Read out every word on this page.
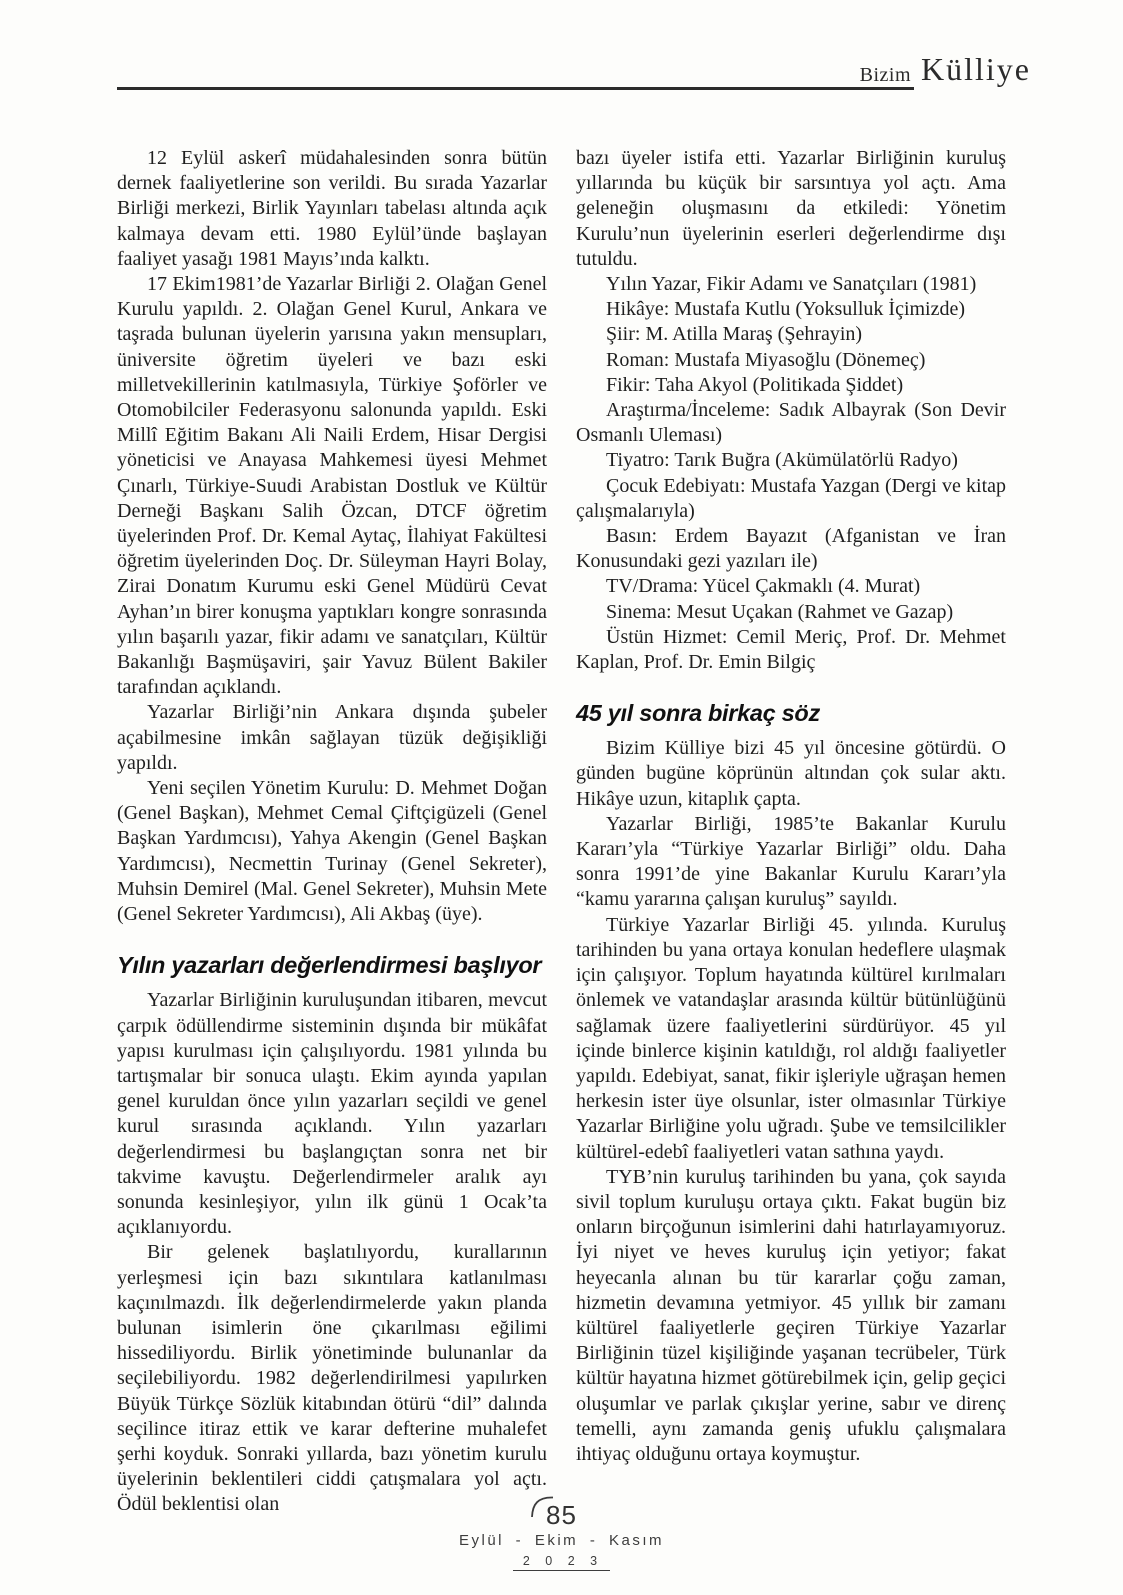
Bizim Külliye

12 Eylül askerî müdahalesinden sonra bütün dernek faaliyetlerine son verildi. Bu sırada Yazarlar Birliği merkezi, Birlik Yayınları tabelası altında açık kalmaya devam etti. 1980 Eylül’ünde başlayan faaliyet yasağı 1981 Mayıs’ında kalktı.

17 Ekim1981’de Yazarlar Birliği 2. Olağan Genel Kurulu yapıldı. 2. Olağan Genel Kurul, Ankara ve taşrada bulunan üyelerin yarısına yakın mensupları, üniversite öğretim üyeleri ve bazı eski milletvekillerinin katılmasıyla, Türkiye Şoförler ve Otomobilciler Federasyonu salonunda yapıldı. Eski Millî Eğitim Bakanı Ali Naili Erdem, Hisar Dergisi yöneticisi ve Anayasa Mahkemesi üyesi Mehmet Çınarlı, Türkiye-Suudi Arabistan Dostluk ve Kültür Derneği Başkanı Salih Özcan, DTCF öğretim üyelerinden Prof. Dr. Kemal Aytaç, İlahiyat Fakültesi öğretim üyelerinden Doç. Dr. Süleyman Hayri Bolay, Zirai Donatım Kurumu eski Genel Müdürü Cevat Ayhan’ın birer konuşma yaptıkları kongre sonrasında yılın başarılı yazar, fikir adamı ve sanatçıları, Kültür Bakanlığı Başmüşaviri, şair Yavuz Bülent Bakiler tarafından açıklandı.

Yazarlar Birliği’nin Ankara dışında şubeler açabilmesine imkân sağlayan tüzük değişikliği yapıldı.

Yeni seçilen Yönetim Kurulu: D. Mehmet Doğan (Genel Başkan), Mehmet Cemal Çiftçigüzeli (Genel Başkan Yardımcısı), Yahya Akengin (Genel Başkan Yardımcısı), Necmettin Turinay (Genel Sekreter), Muhsin Demirel (Mal. Genel Sekreter), Muhsin Mete (Genel Sekreter Yardımcısı), Ali Akbaş (üye).

Yılın yazarları değerlendirmesi başlıyor

Yazarlar Birliğinin kuruluşundan itibaren, mevcut çarpık ödüllendirme sisteminin dışında bir mükâfat yapısı kurulması için çalışılıyordu. 1981 yılında bu tartışmalar bir sonuca ulaştı. Ekim ayında yapılan genel kuruldan önce yılın yazarları seçildi ve genel kurul sırasında açıklandı. Yılın yazarları değerlendirmesi bu başlangıçtan sonra net bir takvime kavuştu. Değerlendirmeler aralık ayı sonunda kesinleşiyor, yılın ilk günü 1 Ocak’ta açıklanıyordu.

Bir gelenek başlatılıyordu, kurallarının yerleşmesi için bazı sıkıntılara katlanılması kaçınılmazdı. İlk değerlendirmelerde yakın planda bulunan isimlerin öne çıkarılması eğilimi hissediliyordu. Birlik yönetiminde bulunanlar da seçilebiliyordu. 1982 değerlendirilmesi yapılırken Büyük Türkçe Sözlük kitabından ötürü “dil” dalında seçilince itiraz ettik ve karar defterine muhalefet şerhi koyduk. Sonraki yıllarda, bazı yönetim kurulu üyelerinin beklentileri ciddi çatışmalara yol açtı. Ödül beklentisi olan

bazı üyeler istifa etti. Yazarlar Birliğinin kuruluş yıllarında bu küçük bir sarsıntıya yol açtı. Ama geleneğin oluşmasını da etkiledi: Yönetim Kurulu’nun üyelerinin eserleri değerlendirme dışı tutuldu.

Yılın Yazar, Fikir Adamı ve Sanatçıları (1981)

Hikâye: Mustafa Kutlu (Yoksulluk İçimizde)

Şiir: M. Atilla Maraş (Şehrayin)

Roman: Mustafa Miyasoğlu (Dönemeç)

Fikir: Taha Akyol (Politikada Şiddet)

Araştırma/İnceleme: Sadık Albayrak (Son Devir Osmanlı Uleması)

Tiyatro: Tarık Buğra (Akümülatörlü Radyo)

Çocuk Edebiyatı: Mustafa Yazgan (Dergi ve kitap çalışmalarıyla)

Basın: Erdem Bayazıt (Afganistan ve İran Konusundaki gezi yazıları ile)

TV/Drama: Yücel Çakmaklı (4. Murat)

Sinema: Mesut Uçakan (Rahmet ve Gazap)

Üstün Hizmet: Cemil Meriç, Prof. Dr. Mehmet Kaplan, Prof. Dr. Emin Bilgiç

45 yıl sonra birkaç söz

Bizim Külliye bizi 45 yıl öncesine götürdü. O günden bugüne köprünün altından çok sular aktı. Hikâye uzun, kitaplık çapta.

Yazarlar Birliği, 1985’te Bakanlar Kurulu Kararı’yla “Türkiye Yazarlar Birliği” oldu. Daha sonra 1991’de yine Bakanlar Kurulu Kararı’yla “kamu yararına çalışan kuruluş” sayıldı.

Türkiye Yazarlar Birliği 45. yılında. Kuruluş tarihinden bu yana ortaya konulan hedeflere ulaşmak için çalışıyor. Toplum hayatında kültürel kırılmaları önlemek ve vatandaşlar arasında kültür bütünlüğünü sağlamak üzere faaliyetlerini sürdürüyor. 45 yıl içinde binlerce kişinin katıldığı, rol aldığı faaliyetler yapıldı. Edebiyat, sanat, fikir işleriyle uğraşan hemen herkesin ister üye olsunlar, ister olmasınlar Türkiye Yazarlar Birliğine yolu uğradı. Şube ve temsilcilikler kültürel-edebî faaliyetleri vatan sathına yaydı.

TYB’nin kuruluş tarihinden bu yana, çok sayıda sivil toplum kuruluşu ortaya çıktı. Fakat bugün biz onların birçoğunun isimlerini dahi hatırlayamıyoruz. İyi niyet ve heves kuruluş için yetiyor; fakat heyecanla alınan bu tür kararlar çoğu zaman, hizmetin devamına yetmiyor. 45 yıllık bir zamanı kültürel faaliyetlerle geçiren Türkiye Yazarlar Birliğinin tüzel kişiliğinde yaşanan tecrübeler, Türk kültür hayatına hizmet götürebilmek için, gelip geçici oluşumlar ve parlak çıkışlar yerine, sabır ve direnç temelli, aynı zamanda geniş ufuklu çalışmalara ihtiyaç olduğunu ortaya koymuştur.

85
Eylül - Ekim - Kasım
2 0 2 3
